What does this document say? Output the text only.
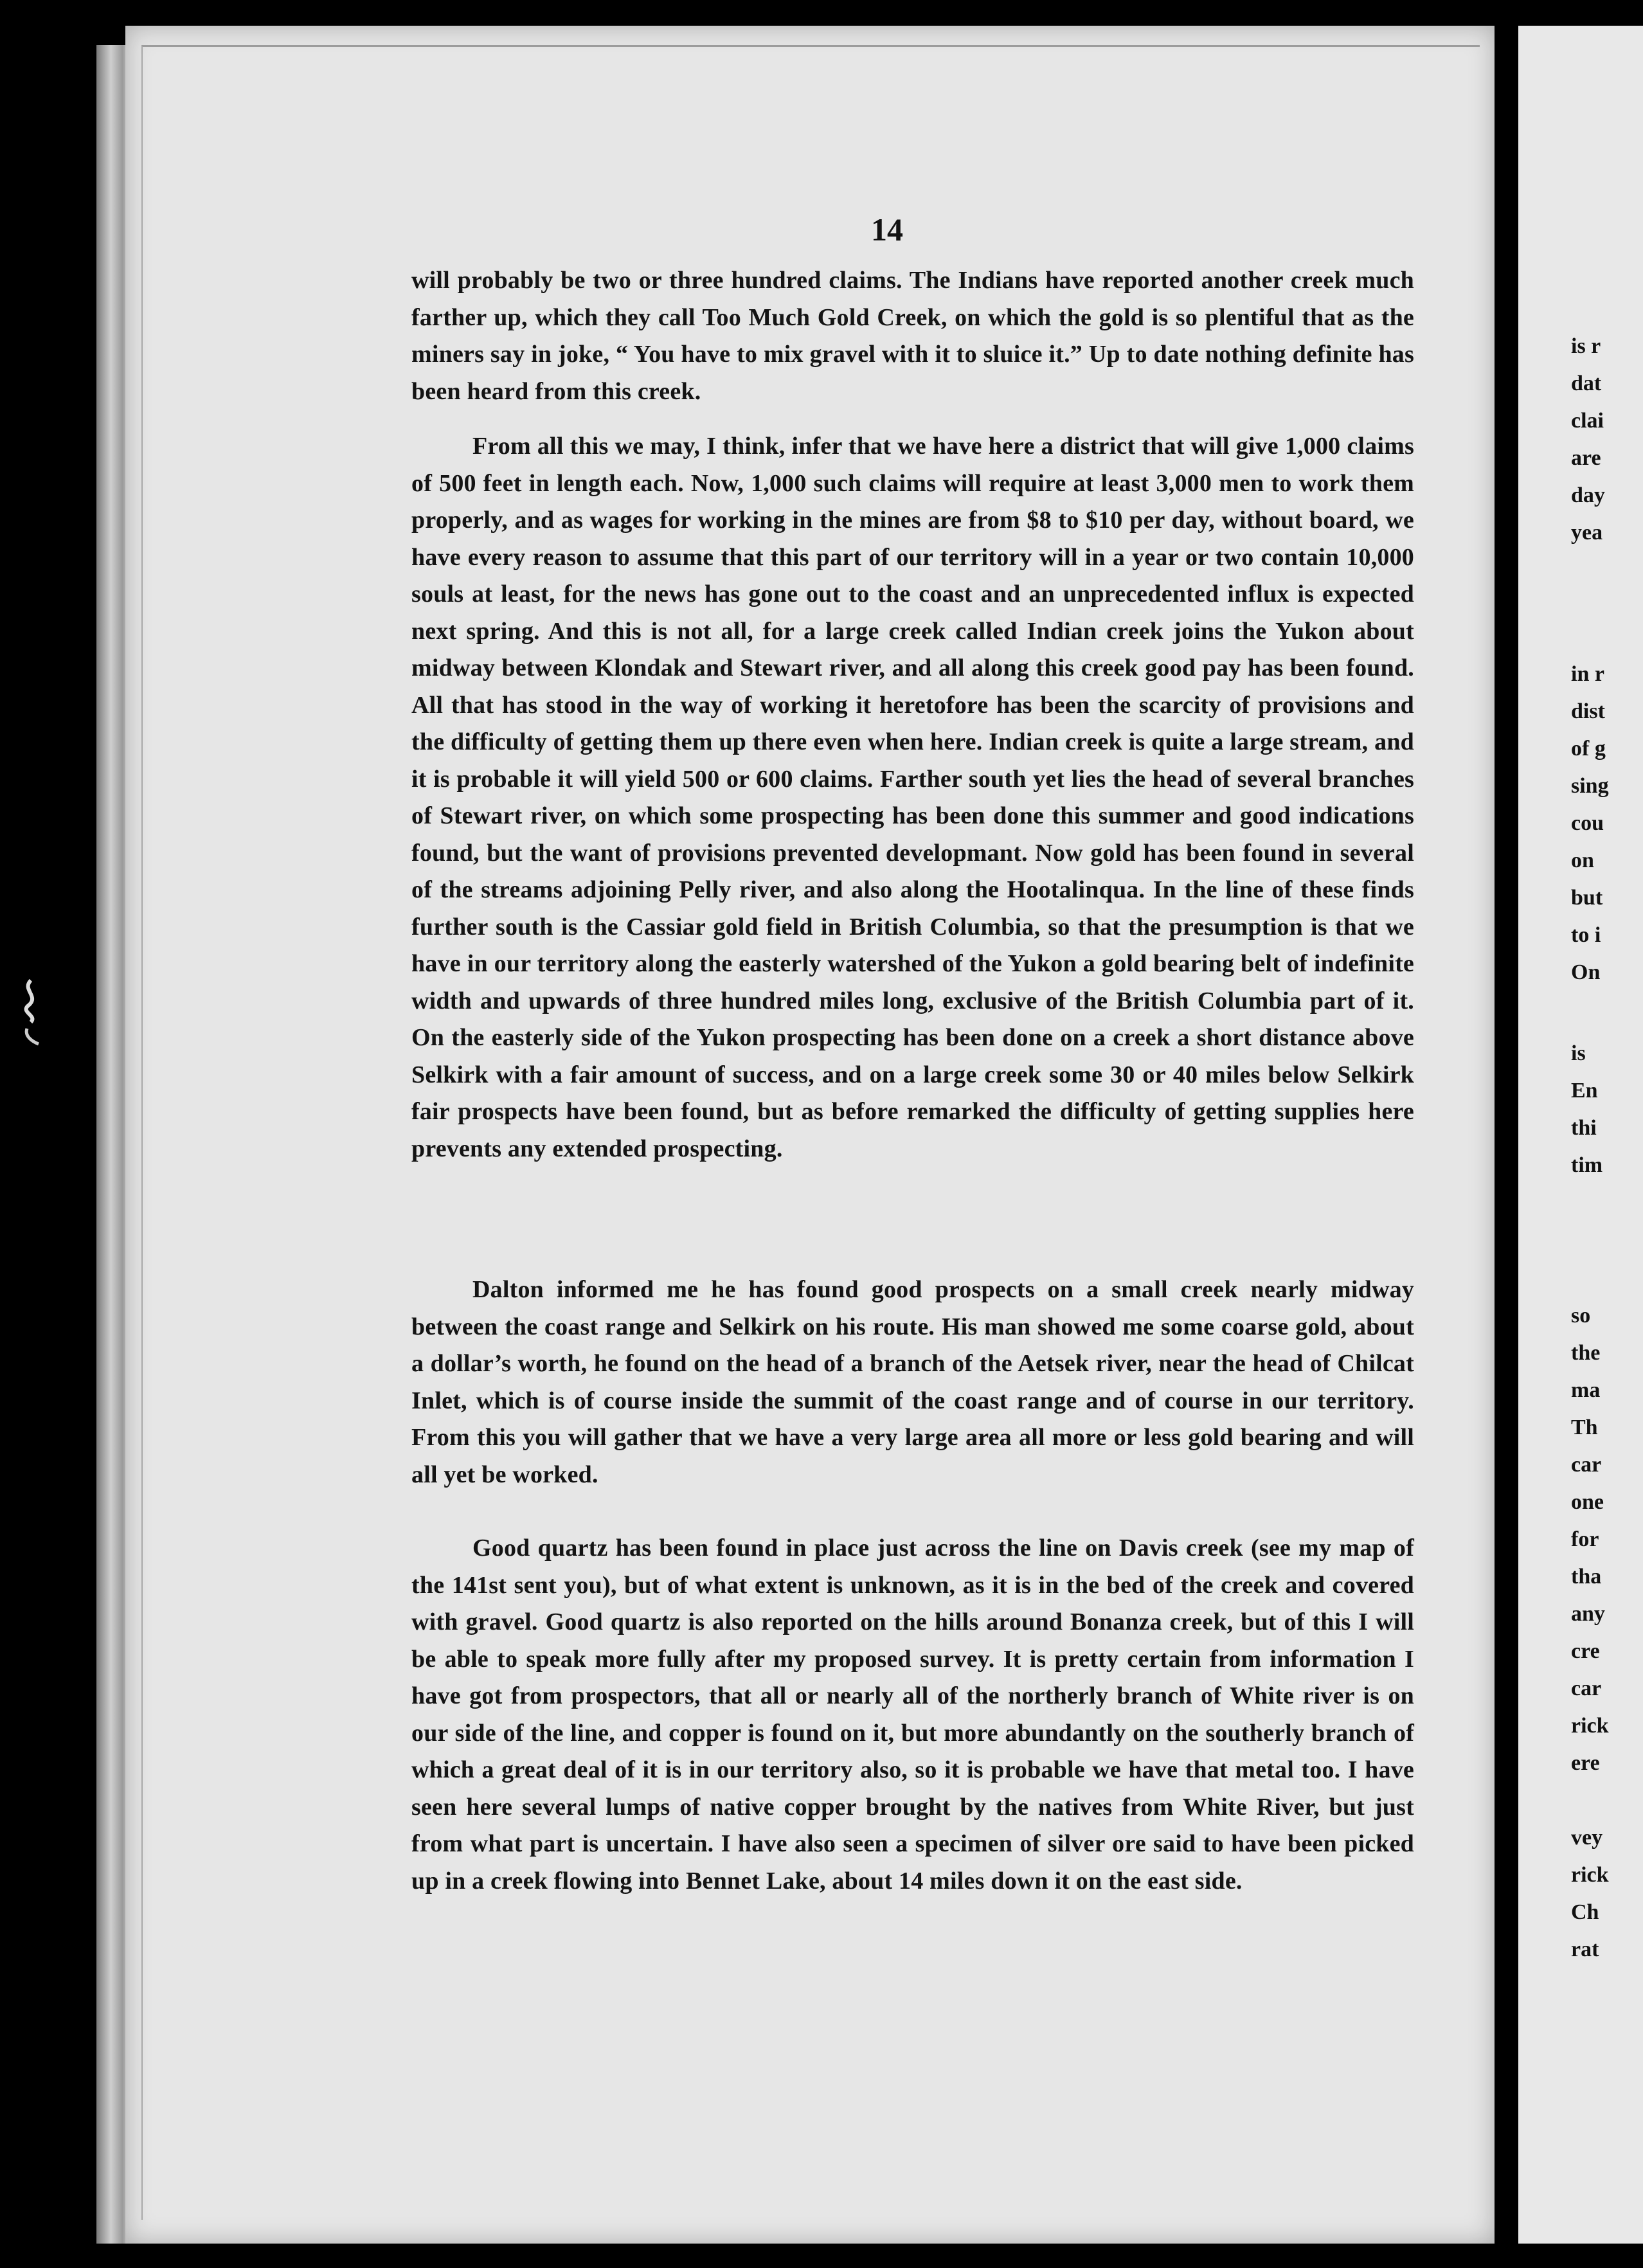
14

will probably be two or three hundred claims. The Indians have reported another creek much farther up, which they call Too Much Gold Creek, on which the gold is so plentiful that as the miners say in joke, “ You have to mix gravel with it to sluice it.” Up to date nothing definite has been heard from this creek.

From all this we may, I think, infer that we have here a district that will give 1,000 claims of 500 feet in length each. Now, 1,000 such claims will require at least 3,000 men to work them properly, and as wages for working in the mines are from $8 to $10 per day, without board, we have every reason to assume that this part of our territory will in a year or two contain 10,000 souls at least, for the news has gone out to the coast and an unprecedented influx is expected next spring. And this is not all, for a large creek called Indian creek joins the Yukon about midway between Klondak and Stewart river, and all along this creek good pay has been found. All that has stood in the way of working it heretofore has been the scarcity of provisions and the difficulty of getting them up there even when here. Indian creek is quite a large stream, and it is probable it will yield 500 or 600 claims. Farther south yet lies the head of several branches of Stewart river, on which some prospecting has been done this summer and good indications found, but the want of provisions prevented developmant. Now gold has been found in several of the streams adjoining Pelly river, and also along the Hootalinqua. In the line of these finds further south is the Cassiar gold field in British Columbia, so that the presumption is that we have in our territory along the easterly watershed of the Yukon a gold bearing belt of indefinite width and upwards of three hundred miles long, exclusive of the British Columbia part of it. On the easterly side of the Yukon prospecting has been done on a creek a short distance above Selkirk with a fair amount of success, and on a large creek some 30 or 40 miles below Selkirk fair prospects have been found, but as before remarked the difficulty of getting supplies here prevents any extended prospecting.

Dalton informed me he has found good prospects on a small creek nearly midway between the coast range and Selkirk on his route. His man showed me some coarse gold, about a dollar’s worth, he found on the head of a branch of the Aetsek river, near the head of Chilcat Inlet, which is of course inside the summit of the coast range and of course in our territory. From this you will gather that we have a very large area all more or less gold bearing and will all yet be worked.

Good quartz has been found in place just across the line on Davis creek (see my map of the 141st sent you), but of what extent is unknown, as it is in the bed of the creek and covered with gravel. Good quartz is also reported on the hills around Bonanza creek, but of this I will be able to speak more fully after my proposed survey. It is pretty certain from information I have got from prospectors, that all or nearly all of the northerly branch of White river is on our side of the line, and copper is found on it, but more abundantly on the southerly branch of which a great deal of it is in our territory also, so it is probable we have that metal too. I have seen here several lumps of native copper brought by the natives from White River, but just from what part is uncertain. I have also seen a specimen of silver ore said to have been picked up in a creek flowing into Bennet Lake, about 14 miles down it on the east side.

is r
dat
clai
are
day
yea
in r
dist
of g
sing
cou
on
but
to i
On
is
En
thi
tim
so
the
ma
Th
car
one
for
tha
any
cre
car
rick
ere
vey
rick
Ch
rat
